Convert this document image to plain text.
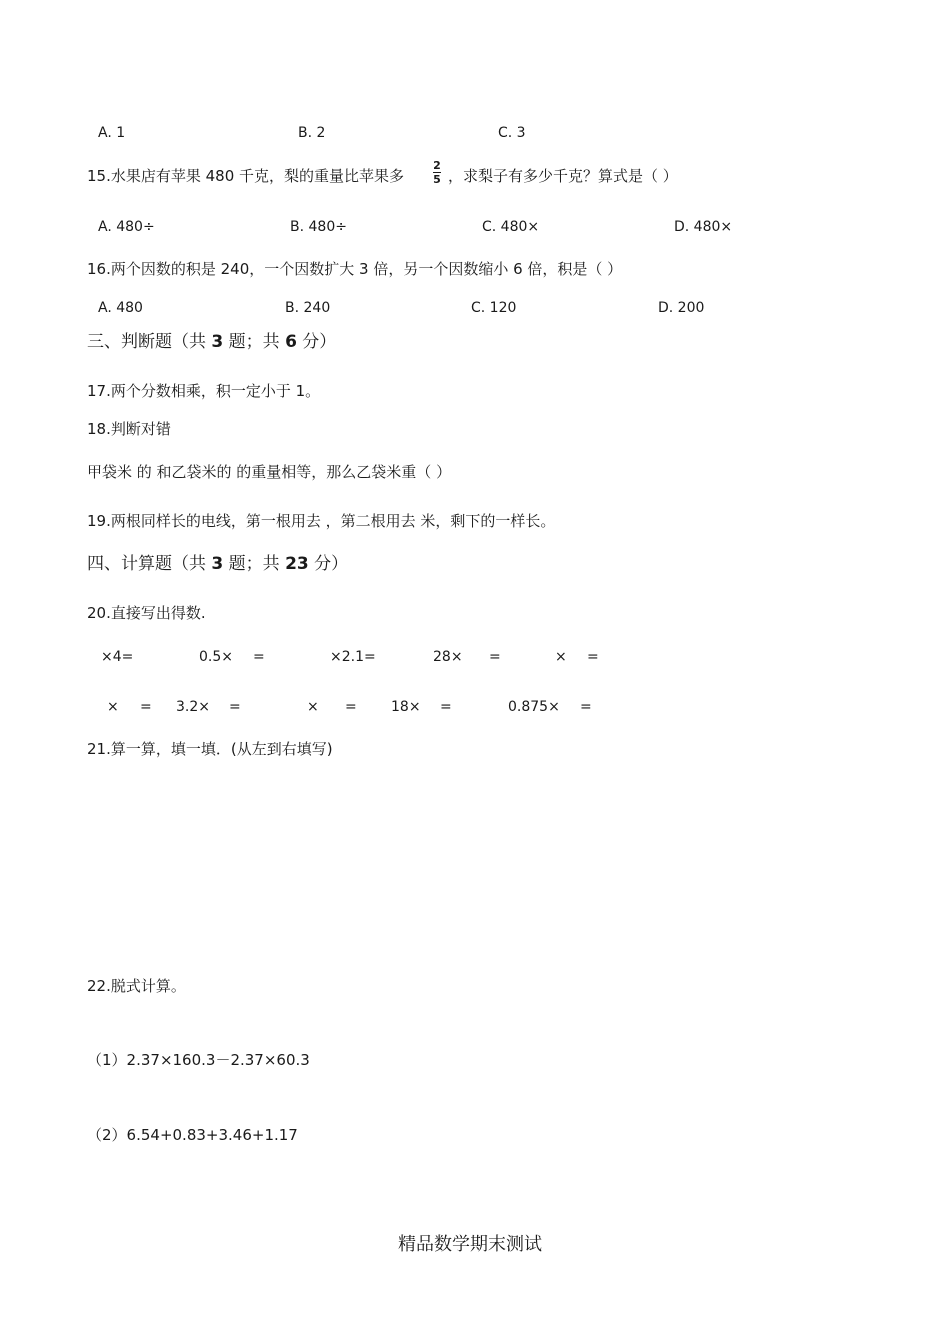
A. 1	B. 2	C. 3
15.水果店有苹果 480 千克，梨的重量比苹果多
2
5 ，求梨子有多少千克？算式是（ ）
A. 480÷	B. 480÷	C. 480×	D. 480×
16.两个因数的积是 240，一个因数扩大 3 倍，另一个因数缩小 6 倍，积是（ ）
A. 480	B. 240	C. 120	D. 200
三、判断题（共 3 题；共 6 分）
17.两个分数相乘，积一定小于 1。
18.判断对错
甲袋米 的 和乙袋米的 的重量相等，那么乙袋米重（ ）
19.两根同样长的电线，第一根用去 ，第二根用去 米，剩下的一样长。
四、计算题（共 3 题；共 23 分）
20.直接写出得数.
×4=	0.5× =	×2.1=	28× =	× =
× = 3.2× =	× = 18× =	0.875× =
21.算一算，填一填．(从左到右填写)
22.脱式计算。
（1）2.37×160.3－2.37×60.3
（2）6.54+0.83+3.46+1.17
精品数学期末测试
